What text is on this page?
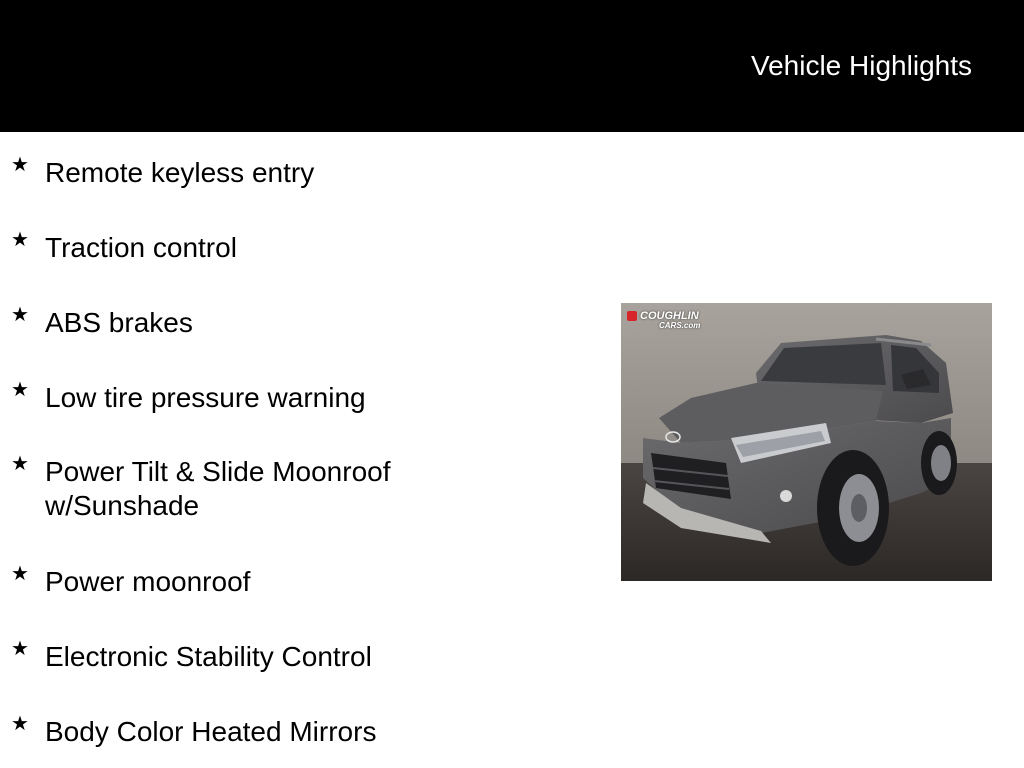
Vehicle Highlights
★ Remote keyless entry
★ Traction control
★ ABS brakes
★ Low tire pressure warning
★ Power Tilt & Slide Moonroof w/Sunshade
★ Power moonroof
★ Electronic Stability Control
★ Body Color Heated Mirrors
COUGHLIN
CARS.com
